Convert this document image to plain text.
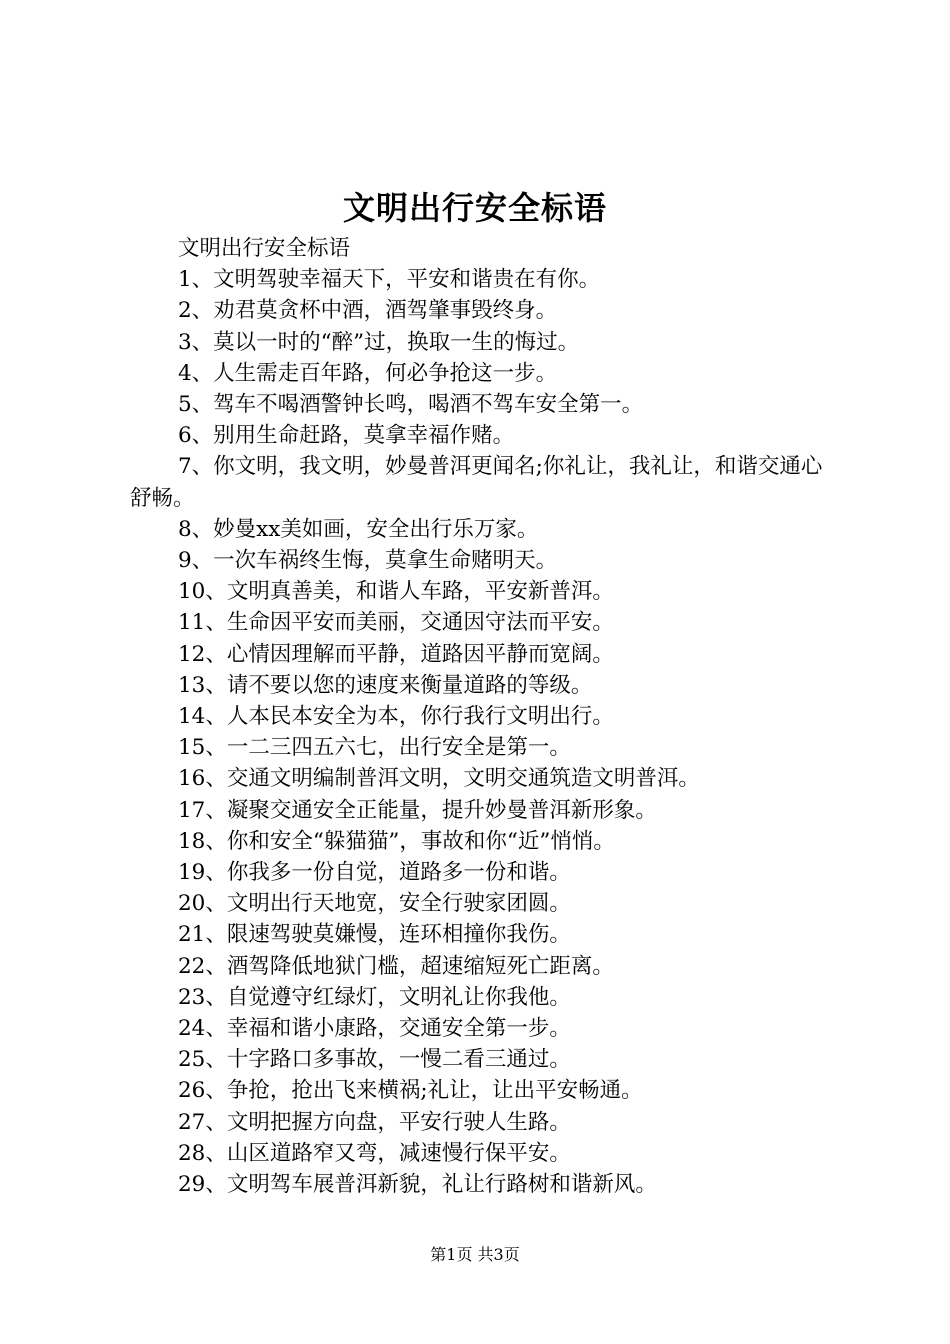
文明出行安全标语

文明出行安全标语

1、文明驾驶幸福天下，平安和谐贵在有你。

2、劝君莫贪杯中酒，酒驾肇事毁终身。

3、莫以一时的“醉”过，换取一生的悔过。

4、人生需走百年路，何必争抢这一步。

5、驾车不喝酒警钟长鸣，喝酒不驾车安全第一。

6、别用生命赶路，莫拿幸福作赌。

7、你文明，我文明，妙曼普洱更闻名;你礼让，我礼让，和谐交通心舒畅。

8、妙曼xx美如画，安全出行乐万家。

9、一次车祸终生悔，莫拿生命赌明天。

10、文明真善美，和谐人车路，平安新普洱。

11、生命因平安而美丽，交通因守法而平安。

12、心情因理解而平静，道路因平静而宽阔。

13、请不要以您的速度来衡量道路的等级。

14、人本民本安全为本，你行我行文明出行。

15、一二三四五六七，出行安全是第一。

16、交通文明编制普洱文明，文明交通筑造文明普洱。

17、凝聚交通安全正能量，提升妙曼普洱新形象。

18、你和安全“躲猫猫”，事故和你“近”悄悄。

19、你我多一份自觉，道路多一份和谐。

20、文明出行天地宽，安全行驶家团圆。

21、限速驾驶莫嫌慢，连环相撞你我伤。

22、酒驾降低地狱门槛，超速缩短死亡距离。

23、自觉遵守红绿灯，文明礼让你我他。

24、幸福和谐小康路，交通安全第一步。

25、十字路口多事故，一慢二看三通过。

26、争抢，抢出飞来横祸;礼让，让出平安畅通。

27、文明把握方向盘，平安行驶人生路。

28、山区道路窄又弯，减速慢行保平安。

29、文明驾车展普洱新貌，礼让行路树和谐新风。

第1页 共3页
